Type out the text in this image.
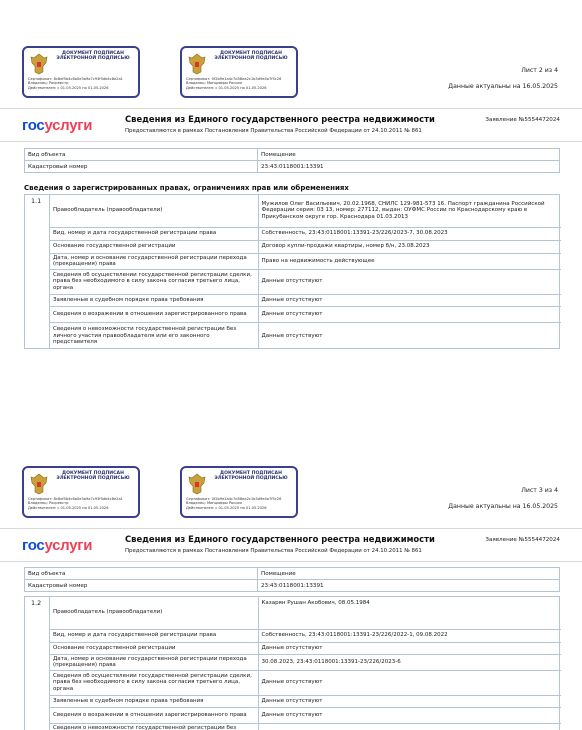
ДОКУМЕНТ ПОДПИСАН ЭЛЕКТРОННОЙ ПОДПИСЬЮ
Сертификат: 8c8ef5b4c6a0e3a9a7c93f5db4c8e2a1
Владелец: Росреестр
Действителен: с 01.05.2025 по 01.05.2026
ДОКУМЕНТ ПОДПИСАН ЭЛЕКТРОННОЙ ПОДПИСЬЮ
Сертификат: 0f2b9e1a4c7d58ea2c1b3d9e4a7f5c26
Владелец: Минцифры России
Действителен: с 01.05.2025 по 01.05.2026
Лист 2 из 4
Данные актуальны на 16.05.2025
госуслуги	Сведения из Единого государственного реестра недвижимости
Предоставляются в рамках Постановления Правительства Российской Федерации от 24.10.2011 № 861
Заявление №5554472024
Вид объекта	Помещение
Кадастровый номер	23:43:0118001:13391
Сведения о зарегистрированных правах, ограничениях прав или обременениях
1.1
Правообладатель (правообладатели)	Мужилов Олег Васильевич, 20.02.1968, СНИЛС 129-981-573 16. Паспорт гражданина Российской Федерации серия: 03 13, номер: 277112, выдан: ОУФМС России по Краснодарскому краю в Прикубанском округе гор. Краснодара 01.03.2013
Вид, номер и дата государственной регистрации права	Собственность, 23:43:0118001:13391-23/226/2023-7, 30.08.2023
Основание государственной регистрации	Договор купли-продажи квартиры, номер б/н, 23.08.2023
Дата, номер и основание государственной регистрации перехода (прекращения) права	Право на недвижимость действующее
Сведения об осуществлении государственной регистрации сделки, права без необходимого в силу закона согласия третьего лица, органа	Данные отсутствуют
Заявленные в судебном порядке права требования	Данные отсутствуют
Сведения о возражении в отношении зарегистрированного права	Данные отсутствуют
Сведения о невозможности государственной регистрации без личного участия правообладателя или его законного представителя	Данные отсутствуют
ДОКУМЕНТ ПОДПИСАН ЭЛЕКТРОННОЙ ПОДПИСЬЮ
Сертификат: 8c8ef5b4c6a0e3a9a7c93f5db4c8e2a1
Владелец: Росреестр
Действителен: с 01.05.2025 по 01.05.2026
ДОКУМЕНТ ПОДПИСАН ЭЛЕКТРОННОЙ ПОДПИСЬЮ
Сертификат: 0f2b9e1a4c7d58ea2c1b3d9e4a7f5c26
Владелец: Минцифры России
Действителен: с 01.05.2025 по 01.05.2026
Лист 3 из 4
Данные актуальны на 16.05.2025
госуслуги	Сведения из Единого государственного реестра недвижимости
Предоставляются в рамках Постановления Правительства Российской Федерации от 24.10.2011 № 861
Заявление №5554472024
Вид объекта	Помещение
Кадастровый номер	23:43:0118001:13391
1.2
Правообладатель (правообладатели)	Казарян Рушан Акобович, 08.05.1984
Вид, номер и дата государственной регистрации права	Собственность, 23:43:0118001:13391-23/226/2022-1, 09.08.2022
Основание государственной регистрации	Данные отсутствуют
Дата, номер и основание государственной регистрации перехода (прекращения) права	30.08.2023, 23:43:0118001:13391-23/226/2023-6
Сведения об осуществлении государственной регистрации сделки, права без необходимого в силу закона согласия третьего лица, органа	Данные отсутствуют
Заявленные в судебном порядке права требования	Данные отсутствуют
Сведения о возражении в отношении зарегистрированного права	Данные отсутствуют
Сведения о невозможности государственной регистрации без	
